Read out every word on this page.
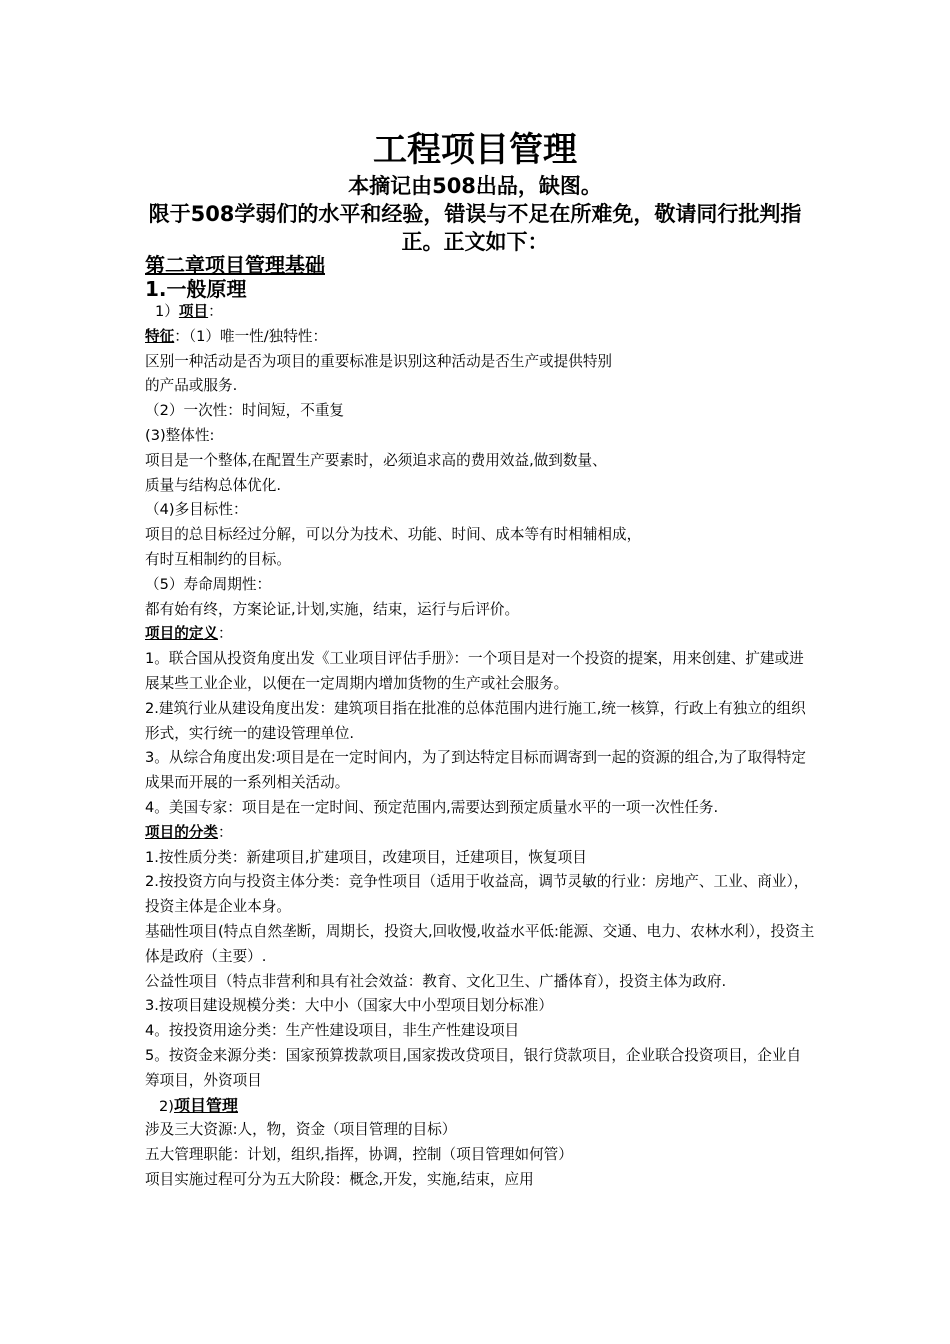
工程项目管理
本摘记由508出品，缺图。
限于508学弱们的水平和经验，错误与不足在所难免，敬请同行批判指正。正文如下：
第二章项目管理基础
1.一般原理
1）项目：
特征：（1）唯一性/独特性：
区别一种活动是否为项目的重要标准是识别这种活动是否生产或提供特别
的产品或服务.
（2）一次性：时间短，不重复
(3)整体性:
项目是一个整体,在配置生产要素时，必须追求高的费用效益,做到数量、
质量与结构总体优化.
（4)多目标性：
项目的总目标经过分解，可以分为技术、功能、时间、成本等有时相辅相成，
有时互相制约的目标。
（5）寿命周期性：
都有始有终，方案论证,计划,实施，结束，运行与后评价。
项目的定义：
1。联合国从投资角度出发《工业项目评估手册》：一个项目是对一个投资的提案，用来创建、扩建或进展某些工业企业，以便在一定周期内增加货物的生产或社会服务。
2.建筑行业从建设角度出发：建筑项目指在批准的总体范围内进行施工,统一核算，行政上有独立的组织形式，实行统一的建设管理单位.
3。从综合角度出发:项目是在一定时间内，为了到达特定目标而调寄到一起的资源的组合,为了取得特定成果而开展的一系列相关活动。
4。美国专家：项目是在一定时间、预定范围内,需要达到预定质量水平的一项一次性任务.
项目的分类：
1.按性质分类：新建项目,扩建项目，改建项目，迁建项目，恢复项目
2.按投资方向与投资主体分类：竞争性项目（适用于收益高，调节灵敏的行业：房地产、工业、商业），投资主体是企业本身。
基础性项目(特点自然垄断，周期长，投资大,回收慢,收益水平低:能源、交通、电力、农林水利），投资主体是政府（主要）.
公益性项目（特点非营利和具有社会效益：教育、文化卫生、广播体育），投资主体为政府.
3.按项目建设规模分类：大中小（国家大中小型项目划分标准）
4。按投资用途分类：生产性建设项目，非生产性建设项目
5。按资金来源分类：国家预算拨款项目,国家拨改贷项目，银行贷款项目，企业联合投资项目，企业自筹项目，外资项目
2)项目管理
涉及三大资源:人，物，资金（项目管理的目标）
五大管理职能：计划，组织,指挥，协调，控制（项目管理如何管）
项目实施过程可分为五大阶段：概念,开发，实施,结束，应用
